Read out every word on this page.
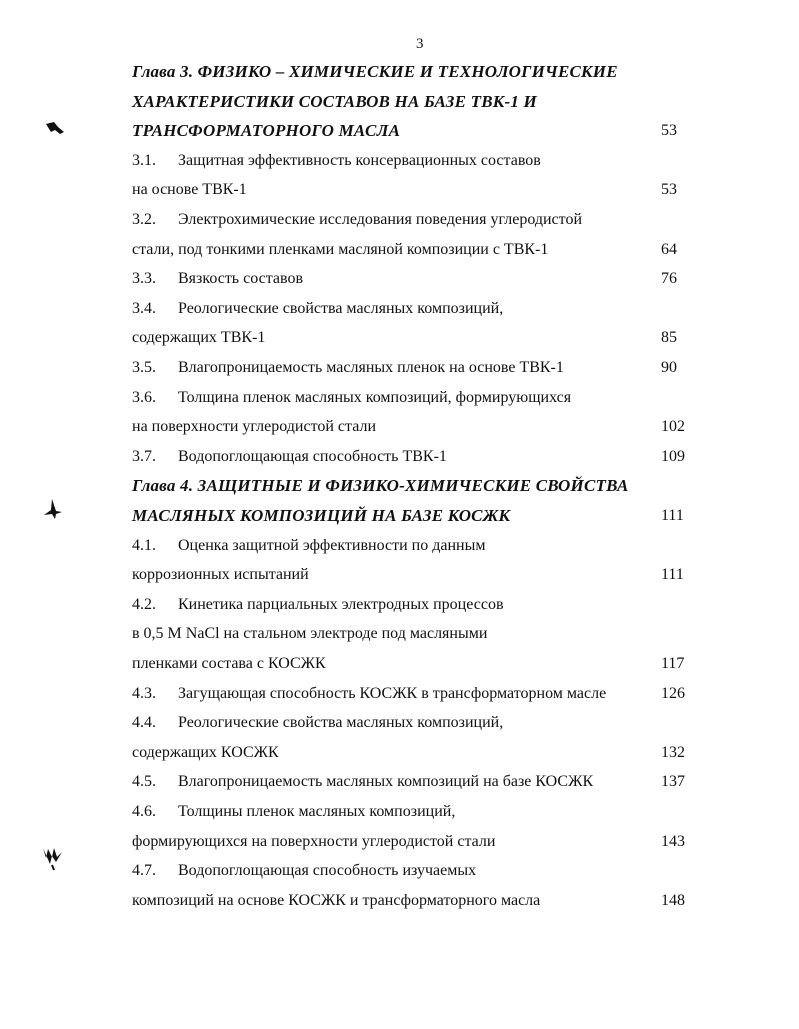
3
Глава 3. ФИЗИКО – ХИМИЧЕСКИЕ И ТЕХНОЛОГИЧЕСКИЕ
ХАРАКТЕРИСТИКИ СОСТАВОВ НА БАЗЕ ТВК-1 И
ТРАНСФОРМАТОРНОГО МАСЛА	53
3.1. Защитная эффективность консервационных составов
на основе ТВК-1	53
3.2. Электрохимические исследования поведения углеродистой
стали, под тонкими пленками масляной композиции с ТВК-1	64
3.3. Вязкость составов	76
3.4. Реологические свойства масляных композиций,
содержащих ТВК-1	85
3.5. Влагопроницаемость масляных пленок на основе ТВК-1	90
3.6. Толщина пленок масляных композиций, формирующихся
на поверхности углеродистой стали	102
3.7. Водопоглощающая способность ТВК-1	109
Глава 4. ЗАЩИТНЫЕ И ФИЗИКО-ХИМИЧЕСКИЕ СВОЙСТВА
МАСЛЯНЫХ КОМПОЗИЦИЙ НА БАЗЕ КОСЖК	111
4.1. Оценка защитной эффективности по данным
коррозионных испытаний	111
4.2. Кинетика парциальных электродных процессов
в 0,5 M NaCl на стальном электроде под масляными
пленками состава с КОСЖК	117
4.3. Загущающая способность КОСЖК в трансформаторном масле	126
4.4. Реологические свойства масляных композиций,
содержащих КОСЖК	132
4.5. Влагопроницаемость масляных композиций на базе КОСЖК	137
4.6. Толщины пленок масляных композиций,
формирующихся на поверхности углеродистой стали	143
4.7. Водопоглощающая способность изучаемых
композиций на основе КОСЖК и трансформаторного масла	148
